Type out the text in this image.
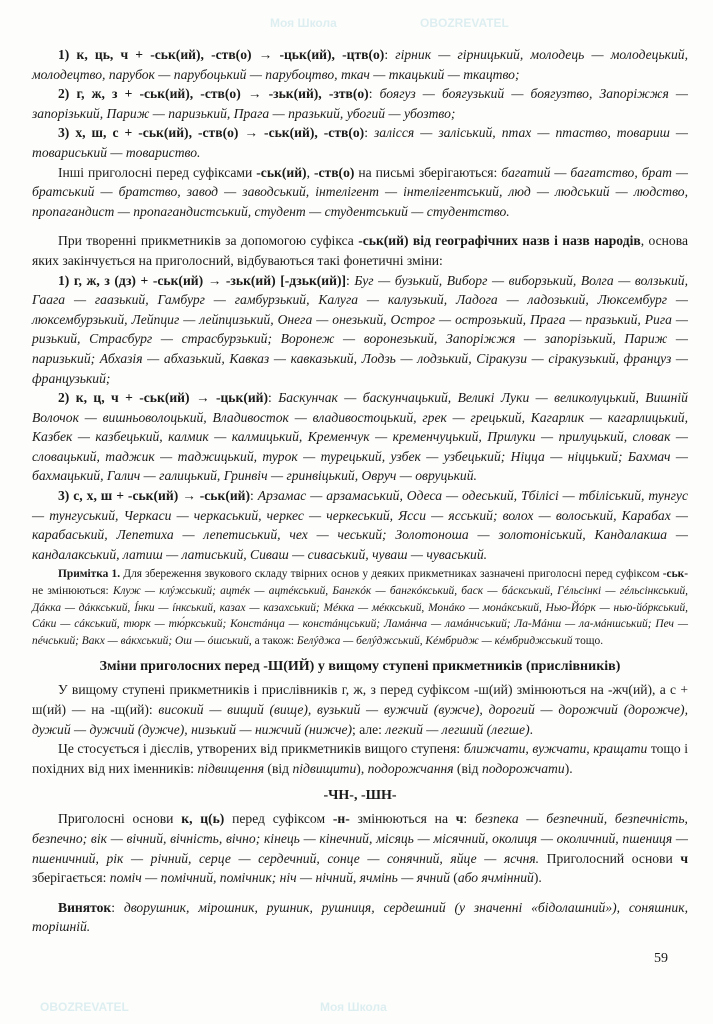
1) к, ць, ч + -ськ(ий), -ств(о) → -цьк(ий), -цтв(о): гірник — гірницький, молодець — молодецький, молодецтво, парубок — парубоцький — парубоцтво, ткач — ткацький — ткацтво;
2) г, ж, з + -ськ(ий), -ств(о) → -зьк(ий), -зтв(о): боягуз — боягузький — боягузтво, Запоріжжя — запорізький, Париж — паризький, Прага — празький, убогий — убозтво;
3) х, ш, с + -ськ(ий), -ств(о) → -ськ(ий), -ств(о): залісся — заліський, птах — птаство, товариш — товариський — товариство.
Інші приголосні перед суфіксами -ськ(ий), -ств(о) на письмі зберігаються: багатий — багатство, брат — братський — братство, завод — заводський, інтелігент — інтелігентський, люд — людський — людство, пропагандист — пропагандистський, студент — студентський — студентство.
При творенні прикметників за допомогою суфікса -ськ(ий) від географічних назв і назв народів, основа яких закінчується на приголосний, відбуваються такі фонетичні зміни:
1) г, ж, з (дз) + -ськ(ий) → -зьк(ий) [-дзьк(ий)]: Буг — бузький, Виборг — виборзький, Волга — волзький, Гаага — гаазький, Гамбург — гамбурзький, Калуга — калузький, Ладога — ладозький, Люксембург — люксембурзький, Лейпциг — лейпцизький, Онега — онезький, Острог — острозький, Прага — празький, Рига — ризький, Страсбург — страсбурзький; Воронеж — воронезький, Запоріжжя — запорізький, Париж — паризький; Абхазія — абхазький, Кавказ — кавказький, Лодзь — лодзький, Сіракузи — сіракузький, француз — французький;
2) к, ц, ч + -ськ(ий) → -цьк(ий): Баскунчак — баскунчацький, Великі Луки — великолуцький, Вишній Волочок — вишньоволоцький, Владивосток — владивостоцький, грек — грецький, Кагарлик — кагарлицький, Казбек — казбецький, калмик — калмицький, Кременчук — кременчуцький, Прилуки — прилуцький, словак — словацький, таджик — таджицький, турок — турецький, узбек — узбецький; Ніцца — ніццький; Бахмач — бахмацький, Галич — галицький, Гринвіч — гринвіцький, Овруч — овруцький.
3) с, х, ш + -ськ(ий) → -ськ(ий): Арзамас — арзамаський, Одеса — одеський, Тбілісі — тбіліський, тунгус — тунгуський, Черкаси — черкаський, черкес — черкеський, Ясси — ясський; волох — волоський, Карабах — карабаський, Лепетиха — лепетиський, чех — чеський; Золотоноша — золотоніський, Кандалакша — кандалакський, латиш — латиський, Сиваш — сиваський, чуваш — чуваський.
Примітка 1. Для збереження звукового складу твірних основ у деяких прикметниках зазначені приголосні перед суфіксом -ськ- не змінюються: Клуж — клýжський; ацтéк — ацтéкський, Бангкóк — бангкóкський, баск — бáскський, Гéльсінкі — гéльсінкський, Дáкка — дáккський, Íнки — íнкський, казах — казахський; Мéкка — мéккський, Монáко — монáкський, Нью-Йóрк — нью-йóркський, Сáки — сáкський, тюрк — тю́ркський; Констáнца — констáнцський; Ламáнча — ламáнчський; Ла-Мáнш — ла-мáншський; Печ — пéчський; Вакх — вáкхський; Ош — óшський, а також: Белýджа — белýджський, Кéмбридж — кéмбриджський тощо.
Зміни приголосних перед -Ш(ИЙ) у вищому ступені прикметників (прислівників)
У вищому ступені прикметників і прислівників г, ж, з перед суфіксом -ш(ий) змінюються на -жч(ий), а с + ш(ий) — на -щ(ий): високий — вищий (вище), вузький — вужчий (вужче), дорогий — дорожчий (дорожче), дужий — дужчий (дужче), низький — нижчий (нижче); але: легкий — легший (легше).
Це стосується і дієслів, утворених від прикметників вищого ступеня: ближчати, вужчати, кращати тощо і похідних від них іменників: підвищення (від підвищити), подорожчання (від подорожчати).
-ЧН-, -ШН-
Приголосні основи к, ц(ь) перед суфіксом -н- змінюються на ч: безпека — безпечний, безпечність, безпечно; вік — вічний, вічність, вічно; кінець — кінечний, місяць — місячний, околиця — околичний, пшениця — пшеничний, рік — річний, серце — сердечний, сонце — сонячний, яйце — ясчня. Приголосний основи ч зберігається: поміч — помічний, помічник; ніч — нічний, ячмінь — ячний (або ячмінний).
Виняток: дворушник, мірошник, рушник, рушниця, сердешний (у значенні «бідолашний»), соняшник, торішній.
59
Моя Школа	OBOZREVATEL
OBOZREVATEL	Моя Школа
